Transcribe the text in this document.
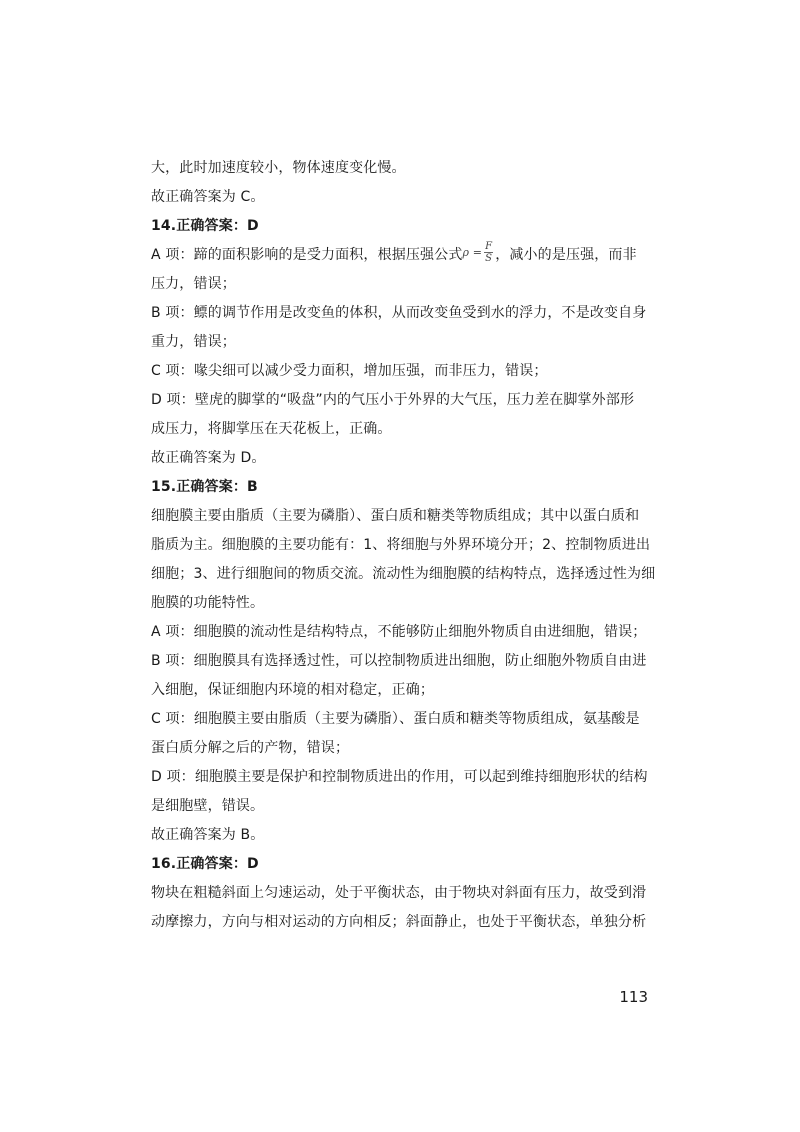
大，此时加速度较小，物体速度变化慢。
故正确答案为 C。
14.正确答案：D
A 项：蹄的面积影响的是受力面积，根据压强公式$^{\rho =} \frac{F}{S}$ ，减小的是压强，而非
压力，错误；
B 项：鳔的调节作用是改变鱼的体积，从而改变鱼受到水的浮力，不是改变自身
重力，错误；
C 项：喙尖细可以减少受力面积，增加压强，而非压力，错误；
D 项：壁虎的脚掌的“吸盘”内的气压小于外界的大气压，压力差在脚掌外部形
成压力，将脚掌压在天花板上，正确。
故正确答案为 D。
15.正确答案：B
细胞膜主要由脂质（主要为磷脂）、蛋白质和糖类等物质组成；其中以蛋白质和
脂质为主。细胞膜的主要功能有：1、将细胞与外界环境分开；2、控制物质进出
细胞；3、进行细胞间的物质交流。流动性为细胞膜的结构特点，选择透过性为细
胞膜的功能特性。
A 项：细胞膜的流动性是结构特点，不能够防止细胞外物质自由进细胞，错误；
B 项：细胞膜具有选择透过性，可以控制物质进出细胞，防止细胞外物质自由进
入细胞，保证细胞内环境的相对稳定，正确；
C 项：细胞膜主要由脂质（主要为磷脂）、蛋白质和糖类等物质组成，氨基酸是
蛋白质分解之后的产物，错误；
D 项：细胞膜主要是保护和控制物质进出的作用，可以起到维持细胞形状的结构
是细胞壁，错误。
故正确答案为 B。
16.正确答案：D
物块在粗糙斜面上匀速运动，处于平衡状态，由于物块对斜面有压力，故受到滑
动摩擦力，方向与相对运动的方向相反；斜面静止，也处于平衡状态，单独分析
113
